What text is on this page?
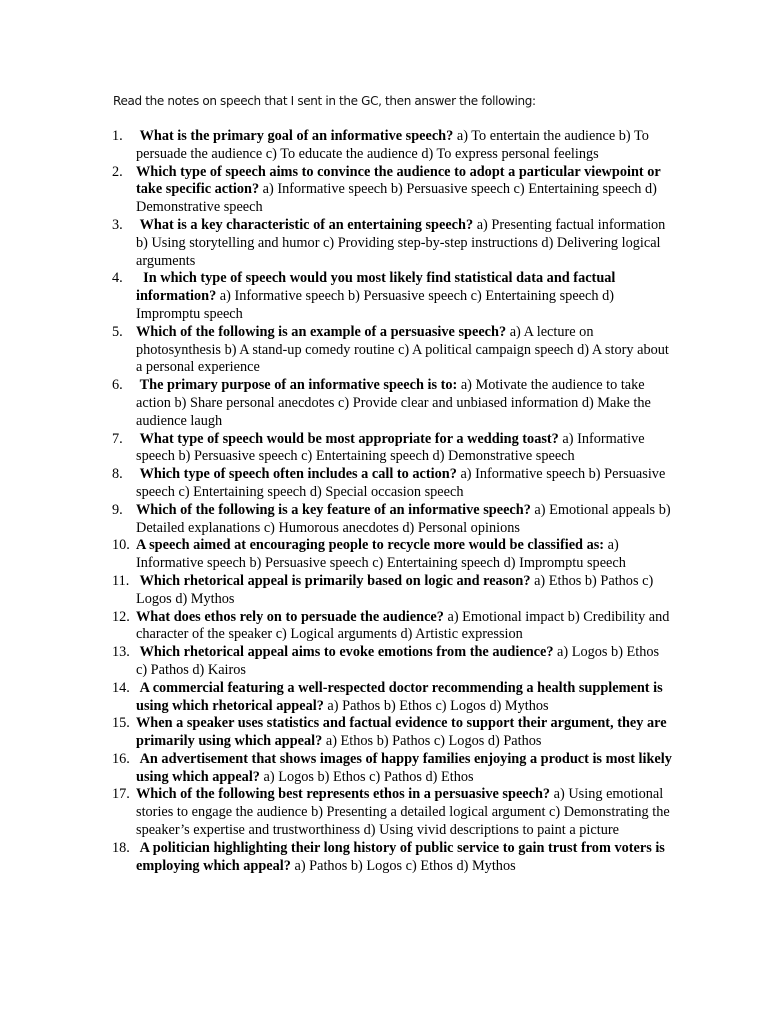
Read the notes on speech that I sent in the GC, then answer the following:
1. What is the primary goal of an informative speech? a) To entertain the audience b) To persuade the audience c) To educate the audience d) To express personal feelings
2. Which type of speech aims to convince the audience to adopt a particular viewpoint or take specific action? a) Informative speech b) Persuasive speech c) Entertaining speech d) Demonstrative speech
3. What is a key characteristic of an entertaining speech? a) Presenting factual information b) Using storytelling and humor c) Providing step-by-step instructions d) Delivering logical arguments
4. In which type of speech would you most likely find statistical data and factual information? a) Informative speech b) Persuasive speech c) Entertaining speech d) Impromptu speech
5. Which of the following is an example of a persuasive speech? a) A lecture on photosynthesis b) A stand-up comedy routine c) A political campaign speech d) A story about a personal experience
6. The primary purpose of an informative speech is to: a) Motivate the audience to take action b) Share personal anecdotes c) Provide clear and unbiased information d) Make the audience laugh
7. What type of speech would be most appropriate for a wedding toast? a) Informative speech b) Persuasive speech c) Entertaining speech d) Demonstrative speech
8. Which type of speech often includes a call to action? a) Informative speech b) Persuasive speech c) Entertaining speech d) Special occasion speech
9. Which of the following is a key feature of an informative speech? a) Emotional appeals b) Detailed explanations c) Humorous anecdotes d) Personal opinions
10. A speech aimed at encouraging people to recycle more would be classified as: a) Informative speech b) Persuasive speech c) Entertaining speech d) Impromptu speech
11. Which rhetorical appeal is primarily based on logic and reason? a) Ethos b) Pathos c) Logos d) Mythos
12. What does ethos rely on to persuade the audience? a) Emotional impact b) Credibility and character of the speaker c) Logical arguments d) Artistic expression
13. Which rhetorical appeal aims to evoke emotions from the audience? a) Logos b) Ethos c) Pathos d) Kairos
14. A commercial featuring a well-respected doctor recommending a health supplement is using which rhetorical appeal? a) Pathos b) Ethos c) Logos d) Mythos
15. When a speaker uses statistics and factual evidence to support their argument, they are primarily using which appeal? a) Ethos b) Pathos c) Logos d) Pathos
16. An advertisement that shows images of happy families enjoying a product is most likely using which appeal? a) Logos b) Ethos c) Pathos d) Ethos
17. Which of the following best represents ethos in a persuasive speech? a) Using emotional stories to engage the audience b) Presenting a detailed logical argument c) Demonstrating the speaker’s expertise and trustworthiness d) Using vivid descriptions to paint a picture
18. A politician highlighting their long history of public service to gain trust from voters is employing which appeal? a) Pathos b) Logos c) Ethos d) Mythos
